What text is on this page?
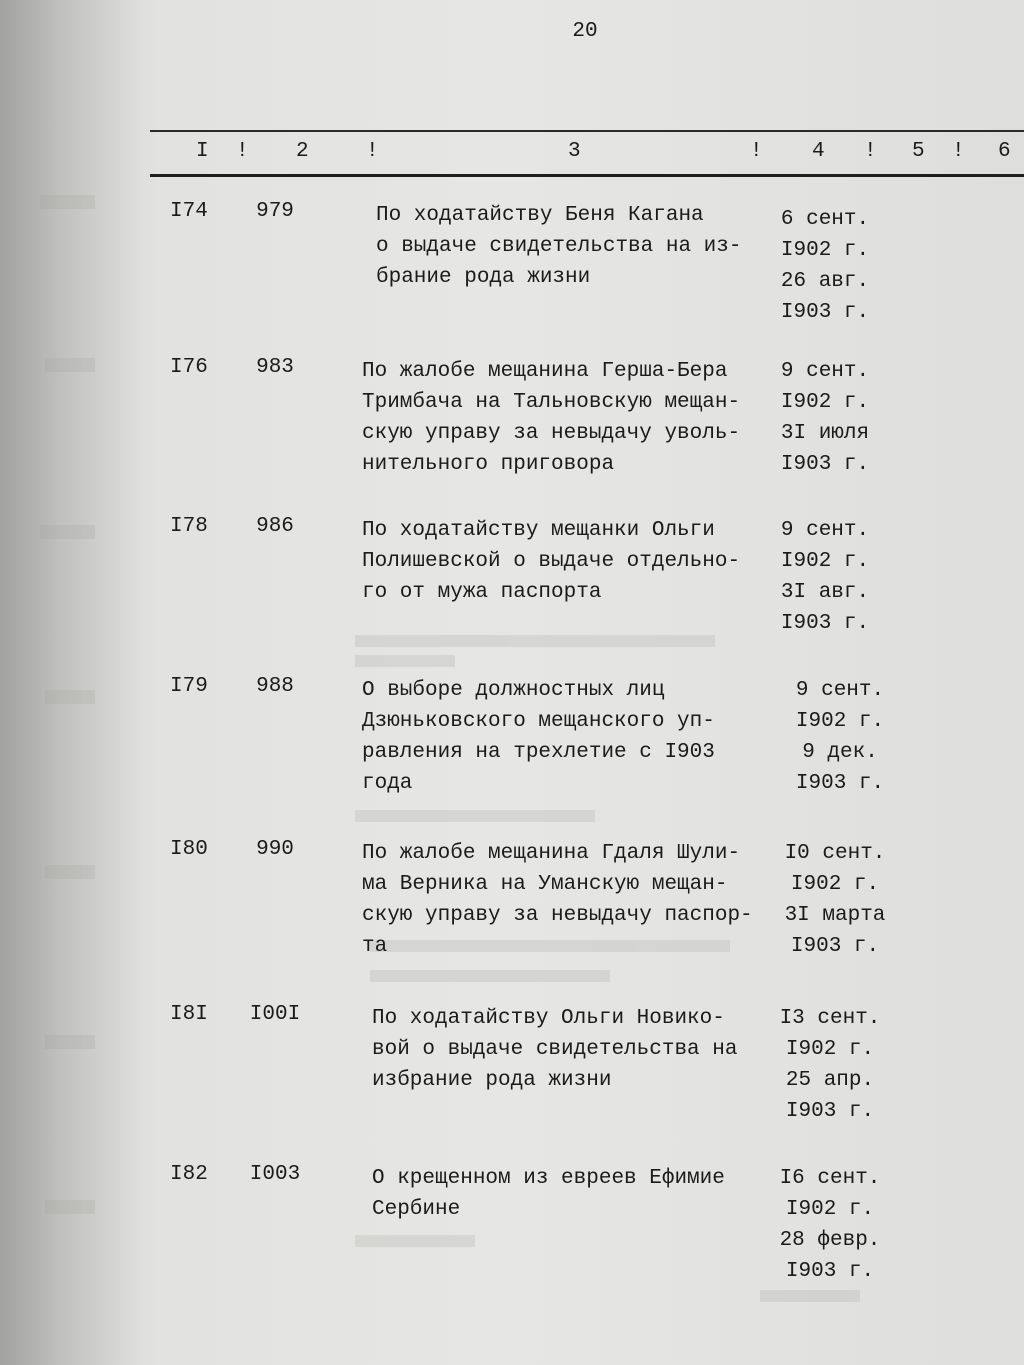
20
I ! 2	!	3	! 4 ! 5 ! 6
I74	979	По ходатайству Беня Кагана
о выдаче свидетельства на из-
брание рода жизни
6 сент.
I902 г.
26 авг.
I903 г.
I76	983	По жалобе мещанина Герша-Бера
Тримбача на Тальновскую мещан-
скую управу за невыдачу уволь-
нительного приговора
9 сент.
I902 г.
3I июля
I903 г.
I78	986	По ходатайству мещанки Ольги
Полишевской о выдаче отдельно-
го от мужа паспорта
9 сент.
I902 г.
3I авг.
I903 г.
I79	988	О выборе должностных лиц
Дзюньковского мещанского уп-
равления на трехлетие с I903
года
9 сент.
I902 г.
9 дек.
I903 г.
I80	990	По жалобе мещанина Гдаля Шули-
ма Верника на Уманскую мещан-
скую управу за невыдачу паспор-
та
I0 сент.
I902 г.
3I марта
I903 г.
I8I	I00I	По ходатайству Ольги Новико-
вой о выдаче свидетельства на
избрание рода жизни
I3 сент.
I902 г.
25 апр.
I903 г.
I82	I003	О крещенном из евреев Ефимие
Сербине
I6 сент.
I902 г.
28 февр.
I903 г.
